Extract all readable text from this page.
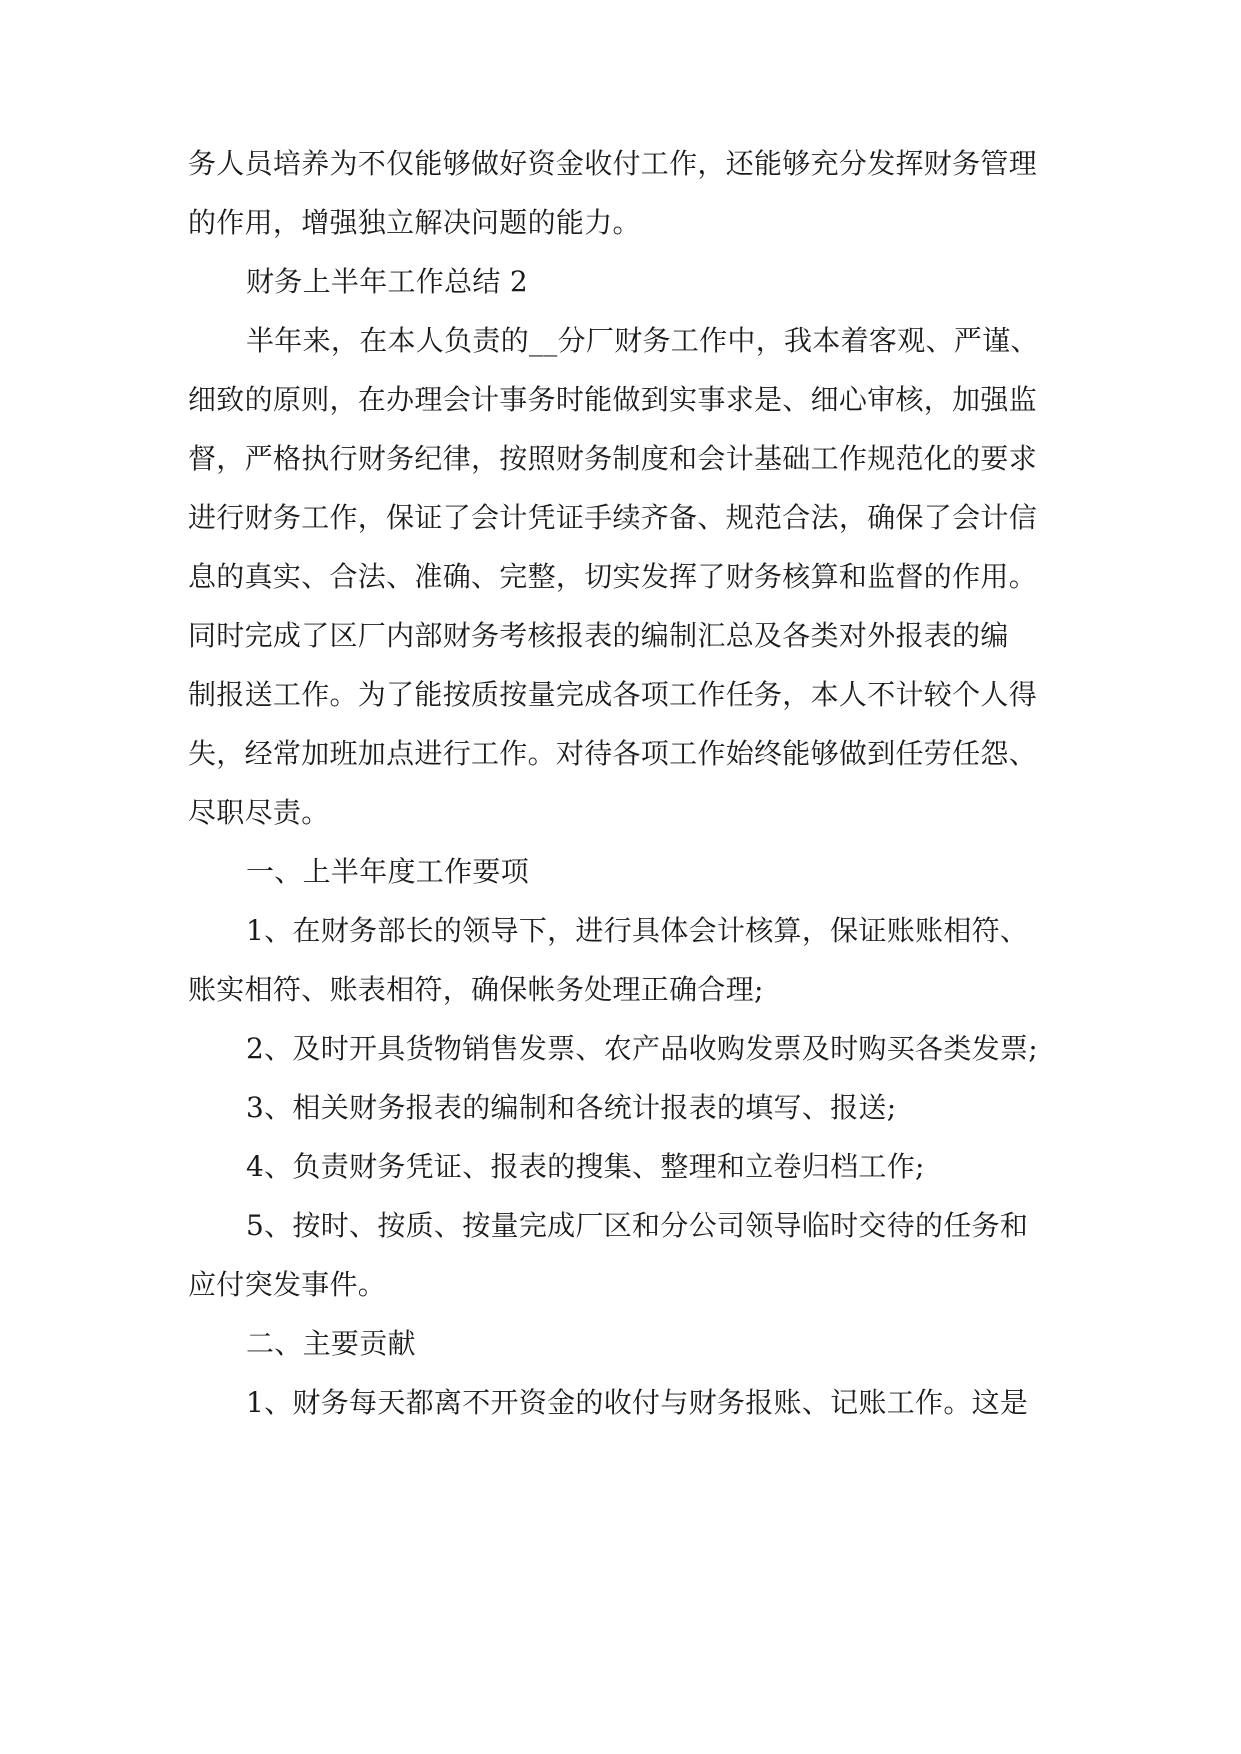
务人员培养为不仅能够做好资金收付工作，还能够充分发挥财务管理

的作用，增强独立解决问题的能力。

财务上半年工作总结 2

半年来，在本人负责的__分厂财务工作中，我本着客观、严谨、

细致的原则，在办理会计事务时能做到实事求是、细心审核，加强监

督，严格执行财务纪律，按照财务制度和会计基础工作规范化的要求

进行财务工作，保证了会计凭证手续齐备、规范合法，确保了会计信

息的真实、合法、准确、完整，切实发挥了财务核算和监督的作用。

同时完成了区厂内部财务考核报表的编制汇总及各类对外报表的编

制报送工作。为了能按质按量完成各项工作任务，本人不计较个人得

失，经常加班加点进行工作。对待各项工作始终能够做到任劳任怨、

尽职尽责。

一、上半年度工作要项

1、在财务部长的领导下，进行具体会计核算，保证账账相符、

账实相符、账表相符，确保帐务处理正确合理;

2、及时开具货物销售发票、农产品收购发票及时购买各类发票;

3、相关财务报表的编制和各统计报表的填写、报送;

4、负责财务凭证、报表的搜集、整理和立卷归档工作;

5、按时、按质、按量完成厂区和分公司领导临时交待的任务和

应付突发事件。

二、主要贡献

1、财务每天都离不开资金的收付与财务报账、记账工作。这是
